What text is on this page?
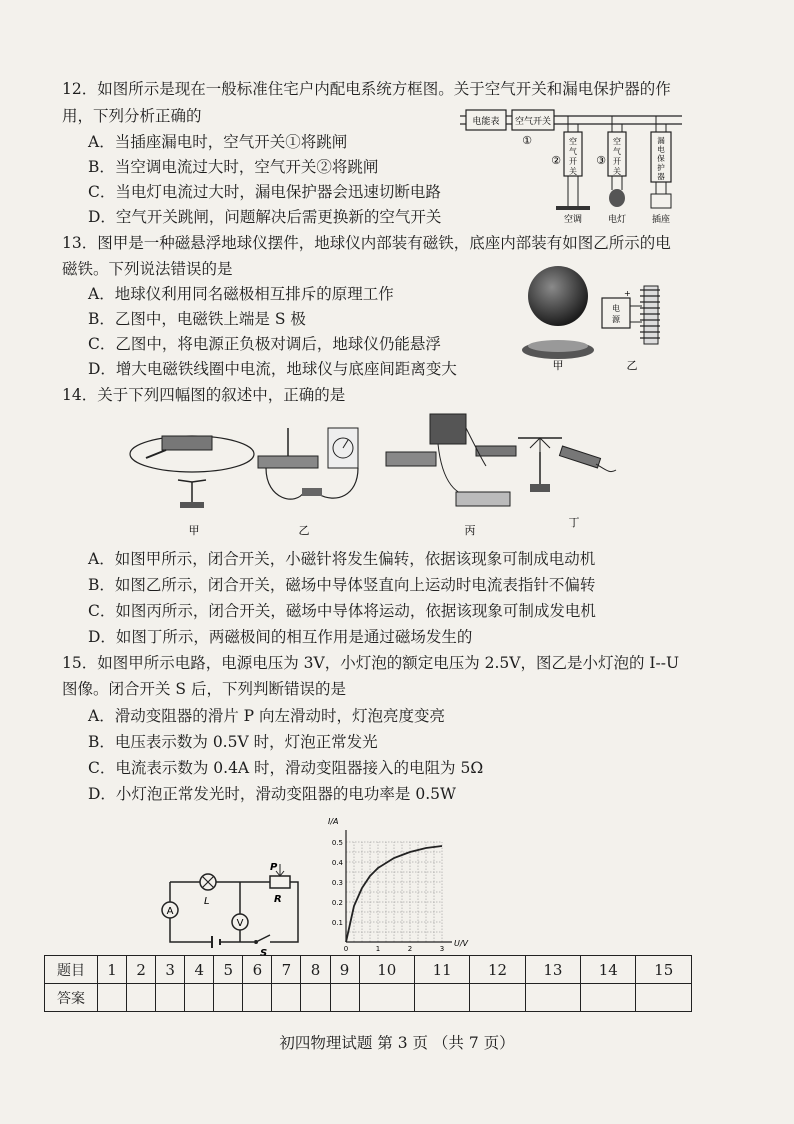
12．如图所示是现在一般标准住宅户内配电系统方框图。关于空气开关和漏电保护器的作
用，下列分析正确的
A．当插座漏电时，空气开关①将跳闸
B．当空调电流过大时，空气开关②将跳闸
C．当电灯电流过大时，漏电保护器会迅速切断电路
D．空气开关跳闸，问题解决后需更换新的空气开关
电能表 空气开关
①	空
气
开
关
②
空调
空
气
开
关
③
电灯
漏
电
保
护
器
插座
13．图甲是一种磁悬浮地球仪摆件，地球仪内部装有磁铁，底座内部装有如图乙所示的电
磁铁。下列说法错误的是
A．地球仪利用同名磁极相互排斥的原理工作
B．乙图中，电磁铁上端是 S 极
C．乙图中，将电源正负极对调后，地球仪仍能悬浮
D．增大电磁铁线圈中电流，地球仪与底座间距离变大	甲
电
源
+
乙
14．关于下列四幅图的叙述中，正确的是
甲	乙	丙
丁
A．如图甲所示，闭合开关，小磁针将发生偏转，依据该现象可制成电动机
B．如图乙所示，闭合开关，磁场中导体竖直向上运动时电流表指针不偏转
C．如图丙所示，闭合开关，磁场中导体将运动，依据该现象可制成发电机
D．如图丁所示，两磁极间的相互作用是通过磁场发生的
15．如图甲所示电路，电源电压为 3V，小灯泡的额定电压为 2.5V，图乙是小灯泡的 I--U
图像。闭合开关 S 后，下列判断错误的是
A．滑动变阻器的滑片 P 向左滑动时，灯泡亮度变亮
B．电压表示数为 0.5V 时，灯泡正常发光
C．电流表示数为 0.4A 时，滑动变阻器接入的电阻为 5Ω
D．小灯泡正常发光时，滑动变阻器的电功率是 0.5W
L
P
R
A
V
S
0.5
0.4
0.3
0.2
0.1
0	1	2	3
I/A
U/V
题目	1	2	3	4	5	6	7	8	9	10	11	12	13	14	15
答案															
初四物理试题 第 3 页 （共 7 页）
